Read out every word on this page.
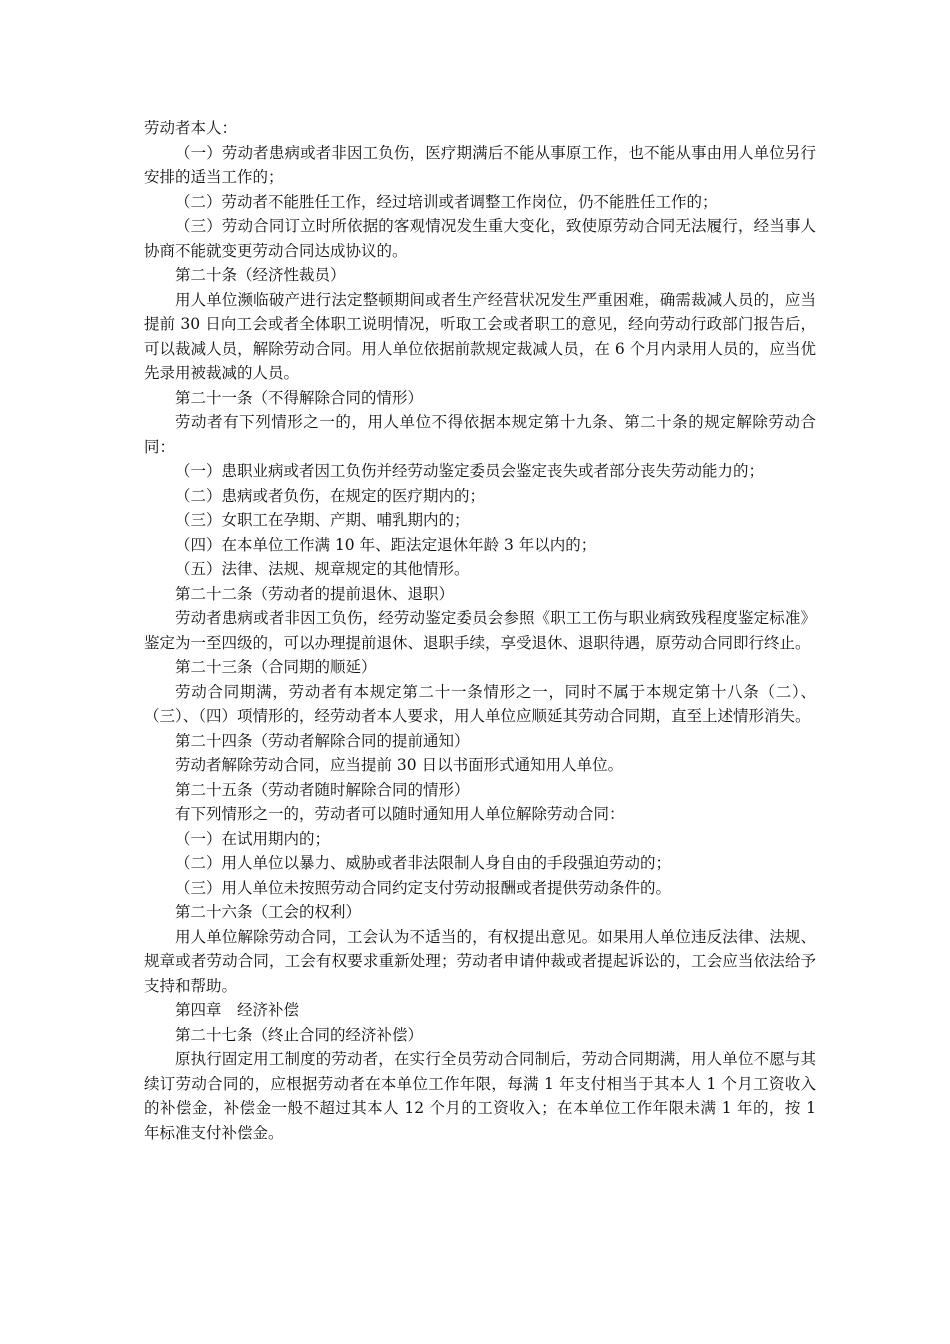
劳动者本人：

（一）劳动者患病或者非因工负伤，医疗期满后不能从事原工作，也不能从事由用人单位另行安排的适当工作的；

（二）劳动者不能胜任工作，经过培训或者调整工作岗位，仍不能胜任工作的；

（三）劳动合同订立时所依据的客观情况发生重大变化，致使原劳动合同无法履行，经当事人协商不能就变更劳动合同达成协议的。

第二十条（经济性裁员）

用人单位濒临破产进行法定整顿期间或者生产经营状况发生严重困难，确需裁减人员的，应当提前 30 日向工会或者全体职工说明情况，听取工会或者职工的意见，经向劳动行政部门报告后，可以裁减人员，解除劳动合同。用人单位依据前款规定裁减人员，在 6 个月内录用人员的，应当优先录用被裁减的人员。

第二十一条（不得解除合同的情形）

劳动者有下列情形之一的，用人单位不得依据本规定第十九条、第二十条的规定解除劳动合同：

（一）患职业病或者因工负伤并经劳动鉴定委员会鉴定丧失或者部分丧失劳动能力的；

（二）患病或者负伤，在规定的医疗期内的；

（三）女职工在孕期、产期、哺乳期内的；

（四）在本单位工作满 10 年、距法定退休年龄 3 年以内的；

（五）法律、法规、规章规定的其他情形。

第二十二条（劳动者的提前退休、退职）

劳动者患病或者非因工负伤，经劳动鉴定委员会参照《职工工伤与职业病致残程度鉴定标准》鉴定为一至四级的，可以办理提前退休、退职手续，享受退休、退职待遇，原劳动合同即行终止。

第二十三条（合同期的顺延）

劳动合同期满，劳动者有本规定第二十一条情形之一，同时不属于本规定第十八条（二）、（三）、（四）项情形的，经劳动者本人要求，用人单位应顺延其劳动合同期，直至上述情形消失。

第二十四条（劳动者解除合同的提前通知）

劳动者解除劳动合同，应当提前 30 日以书面形式通知用人单位。

第二十五条（劳动者随时解除合同的情形）

有下列情形之一的，劳动者可以随时通知用人单位解除劳动合同：

（一）在试用期内的；

（二）用人单位以暴力、威胁或者非法限制人身自由的手段强迫劳动的；

（三）用人单位未按照劳动合同约定支付劳动报酬或者提供劳动条件的。

第二十六条（工会的权利）

用人单位解除劳动合同，工会认为不适当的，有权提出意见。如果用人单位违反法律、法规、规章或者劳动合同，工会有权要求重新处理；劳动者申请仲裁或者提起诉讼的，工会应当依法给予支持和帮助。

第四章　经济补偿

第二十七条（终止合同的经济补偿）

原执行固定用工制度的劳动者，在实行全员劳动合同制后，劳动合同期满，用人单位不愿与其续订劳动合同的，应根据劳动者在本单位工作年限，每满 1 年支付相当于其本人 1 个月工资收入的补偿金，补偿金一般不超过其本人 12 个月的工资收入；在本单位工作年限未满 1 年的，按 1 年标准支付补偿金。
